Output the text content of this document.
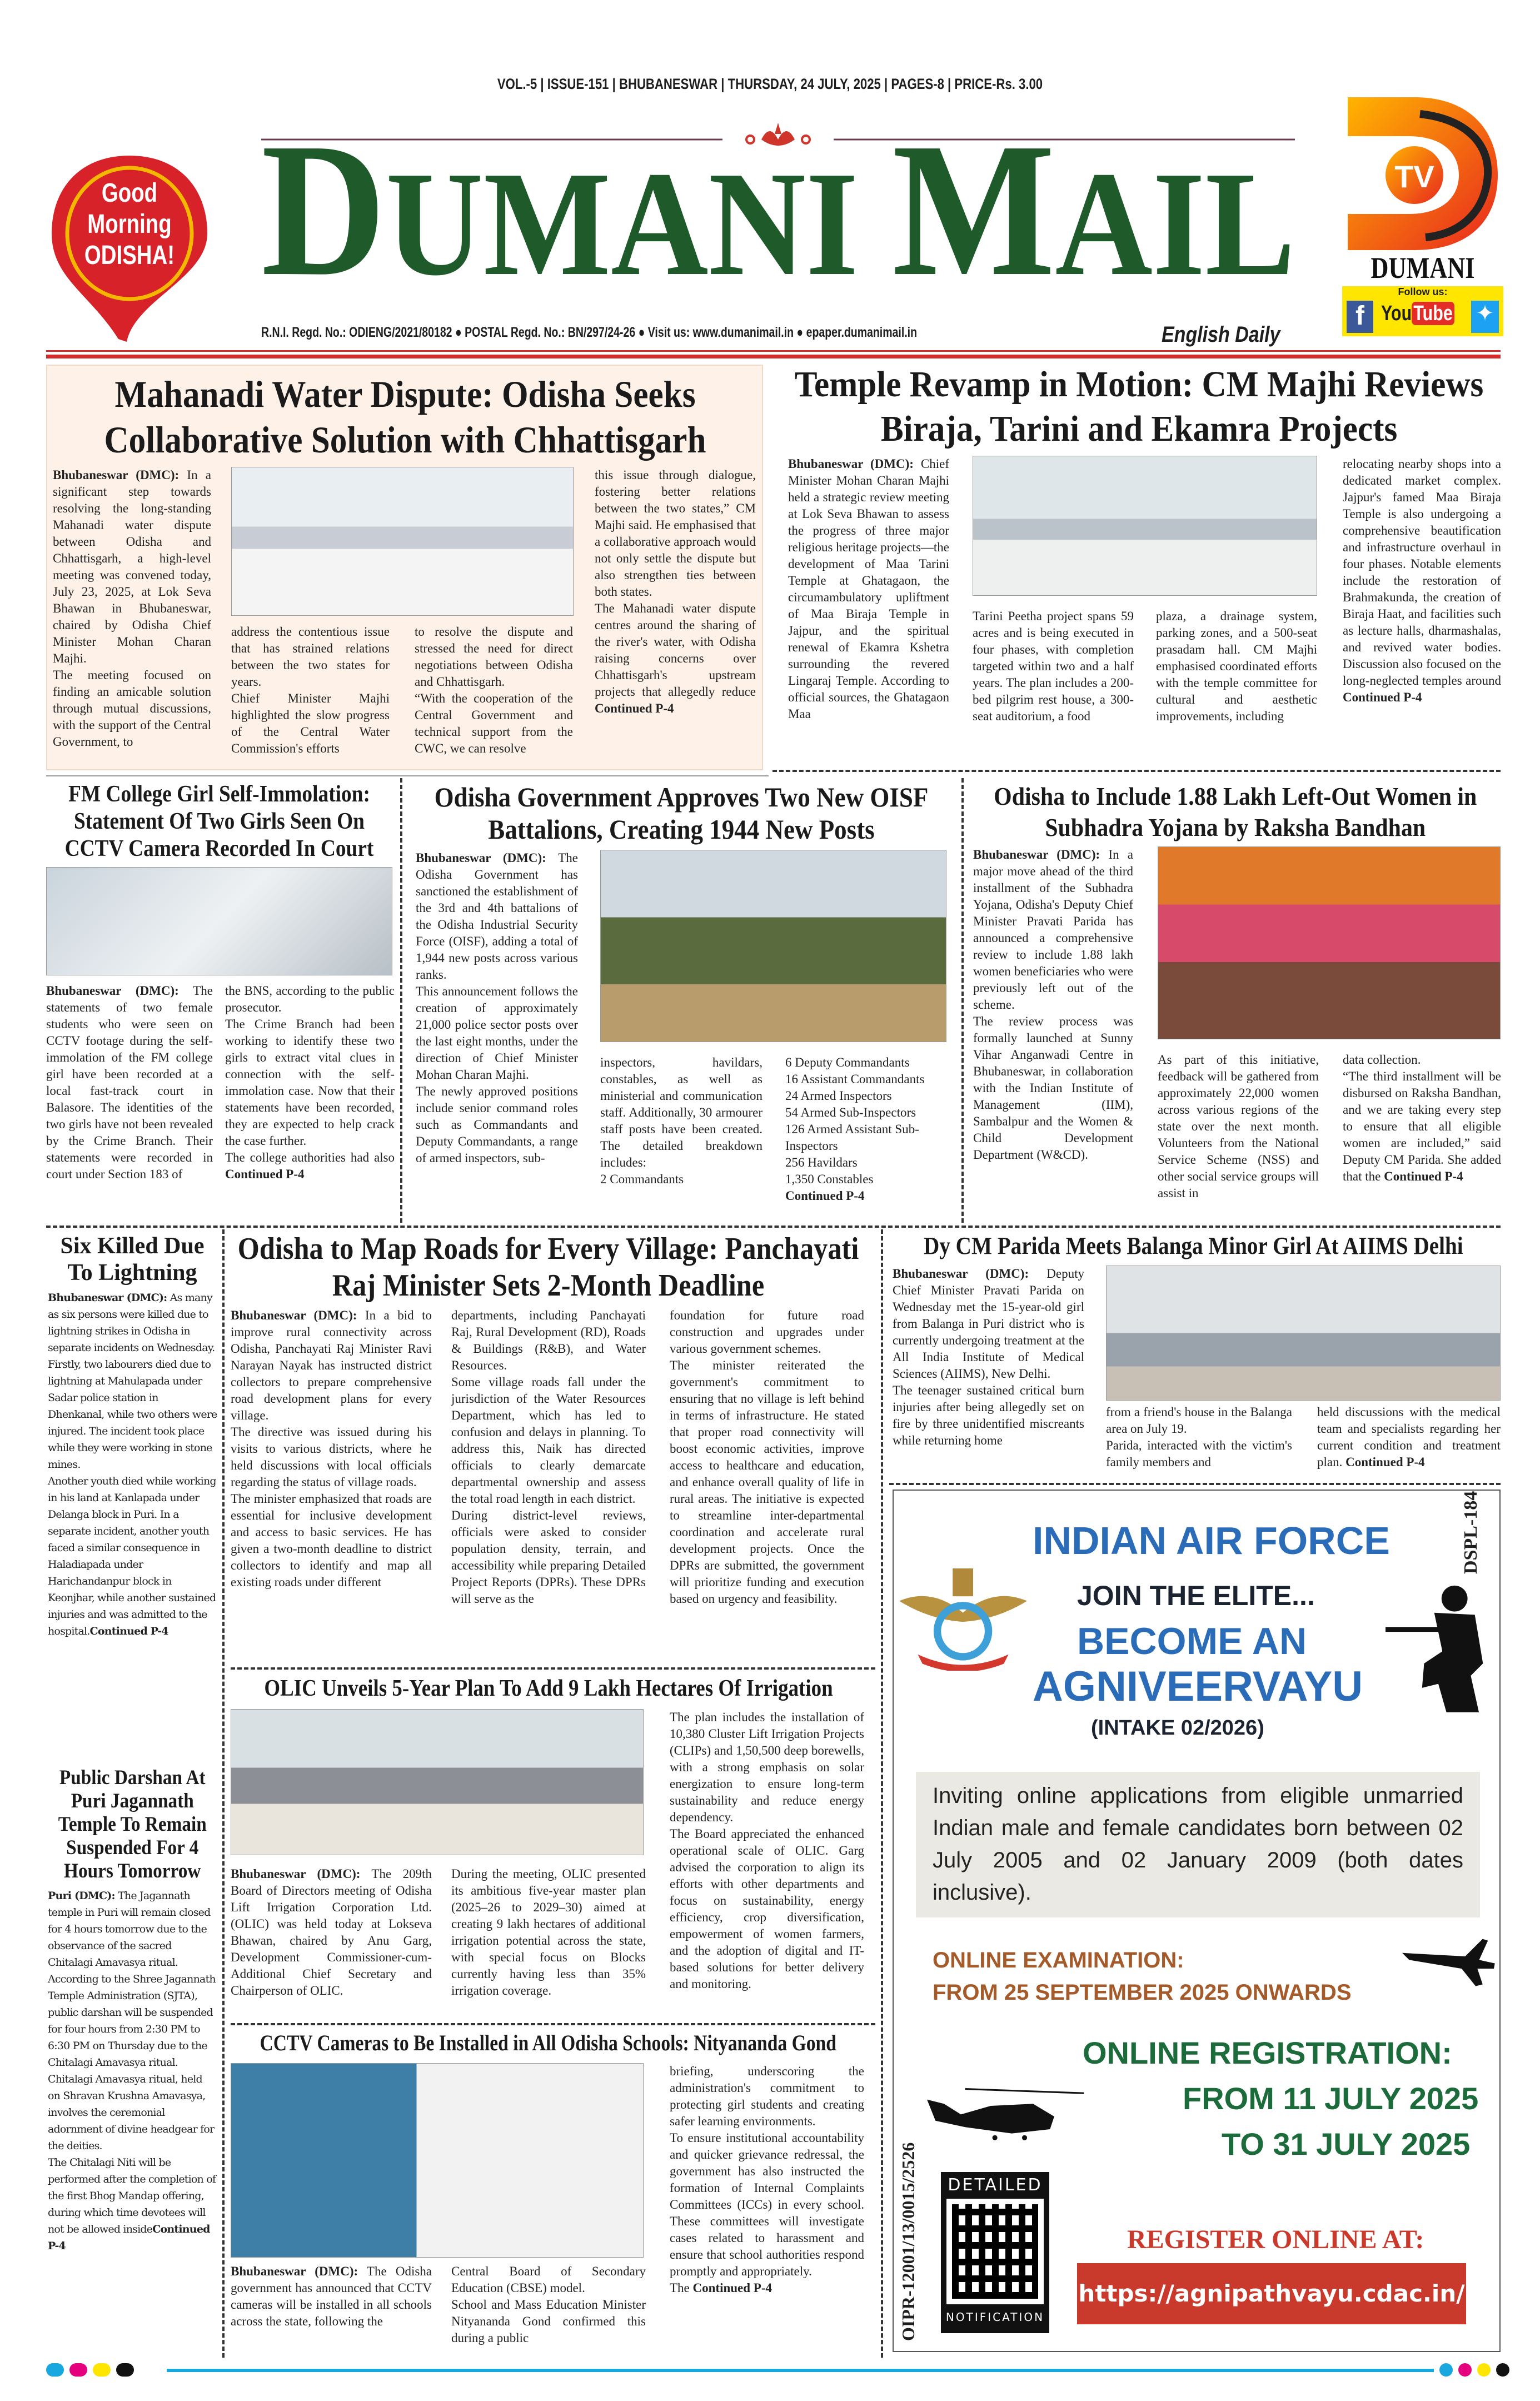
VOL.-5 | ISSUE-151 | BHUBANESWAR | THURSDAY, 24 JULY, 2025 | PAGES-8 | PRICE-Rs. 3.00
DUMANI MAIL
R.N.I. Regd. No.: ODIENG/2021/80182 ● POSTAL Regd. No.: BN/297/24-26 ● Visit us: www.dumanimail.in ● epaper.dumanimail.in	English Daily
Good
Morning
ODISHA!
TV
DUMANI
Follow us:
f YouTube ✦
Mahanadi Water Dispute: Odisha Seeks Collaborative Solution with Chhattisgarh

Bhubaneswar (DMC): In a significant step towards resolving the long-standing Mahanadi water dispute between Odisha and Chhattisgarh, a high-level meeting was convened today, July 23, 2025, at Lok Seva Bhawan in Bhubaneswar, chaired by Odisha Chief Minister Mohan Charan Majhi.

The meeting focused on finding an amicable solution through mutual discussions, with the support of the Central Government, to

address the contentious issue that has strained relations between the two states for years.

Chief Minister Majhi highlighted the slow progress of the Central Water Commission's efforts

to resolve the dispute and stressed the need for direct negotiations between Odisha and Chhattisgarh.

“With the cooperation of the Central Government and technical support from the CWC, we can resolve

this issue through dialogue, fostering better relations between the two states,” CM Majhi said. He emphasised that a collaborative approach would not only settle the dispute but also strengthen ties between both states.

The Mahanadi water dispute centres around the sharing of the river's water, with Odisha raising concerns over Chhattisgarh's upstream projects that allegedly reduce Continued P-4

Temple Revamp in Motion: CM Majhi Reviews Biraja, Tarini and Ekamra Projects

Bhubaneswar (DMC): Chief Minister Mohan Charan Majhi held a strategic review meeting at Lok Seva Bhawan to assess the progress of three major religious heritage projects—the development of Maa Tarini Temple at Ghatagaon, the circumambulatory upliftment of Maa Biraja Temple in Jajpur, and the spiritual renewal of Ekamra Kshetra surrounding the revered Lingaraj Temple. According to official sources, the Ghatagaon Maa

Tarini Peetha project spans 59 acres and is being executed in four phases, with completion targeted within two and a half years. The plan includes a 200-bed pilgrim rest house, a 300-seat auditorium, a food

plaza, a drainage system, parking zones, and a 500-seat prasadam hall. CM Majhi emphasised coordinated efforts with the temple committee for cultural and aesthetic improvements, including

relocating nearby shops into a dedicated market complex. Jajpur's famed Maa Biraja Temple is also undergoing a comprehensive beautification and infrastructure overhaul in four phases. Notable elements include the restoration of Brahmakunda, the creation of Biraja Haat, and facilities such as lecture halls, dharmashalas, and revived water bodies. Discussion also focused on the long-neglected temples around Continued P-4

FM College Girl Self-Immolation: Statement Of Two Girls Seen On CCTV Camera Recorded In Court

Bhubaneswar (DMC): The statements of two female students who were seen on CCTV footage during the self-immolation of the FM college girl have been recorded at a local fast-track court in Balasore. The identities of the two girls have not been revealed by the Crime Branch. Their statements were recorded in court under Section 183 of

the BNS, according to the public prosecutor.

The Crime Branch had been working to identify these two girls to extract vital clues in connection with the self-immolation case. Now that their statements have been recorded, they are expected to help crack the case further.

The college authorities had also Continued P-4

Odisha Government Approves Two New OISF Battalions, Creating 1944 New Posts

Bhubaneswar (DMC): The Odisha Government has sanctioned the establishment of the 3rd and 4th battalions of the Odisha Industrial Security Force (OISF), adding a total of 1,944 new posts across various ranks.

This announcement follows the creation of approximately 21,000 police sector posts over the last eight months, under the direction of Chief Minister Mohan Charan Majhi.

The newly approved positions include senior command roles such as Commandants and Deputy Commandants, a range of armed inspectors, sub-

inspectors, havildars, constables, as well as ministerial and communication staff. Additionally, 30 armourer staff posts have been created. The detailed breakdown includes:

2 Commandants

6 Deputy Commandants

16 Assistant Commandants

24 Armed Inspectors

54 Armed Sub-Inspectors

126 Armed Assistant Sub-Inspectors

256 Havildars

1,350 Constables
Continued P-4

Odisha to Include 1.88 Lakh Left-Out Women in Subhadra Yojana by Raksha Bandhan

Bhubaneswar (DMC): In a major move ahead of the third installment of the Subhadra Yojana, Odisha's Deputy Chief Minister Pravati Parida has announced a comprehensive review to include 1.88 lakh women beneficiaries who were previously left out of the scheme.

The review process was formally launched at Sunny Vihar Anganwadi Centre in Bhubaneswar, in collaboration with the Indian Institute of Management (IIM), Sambalpur and the Women & Child Development Department (W&CD).

As part of this initiative, feedback will be gathered from approximately 22,000 women across various regions of the state over the next month. Volunteers from the National Service Scheme (NSS) and other social service groups will assist in

data collection.

“The third installment will be disbursed on Raksha Bandhan, and we are taking every step to ensure that all eligible women are included,” said Deputy CM Parida. She added that the Continued P-4

Six Killed Due To Lightning

Bhubaneswar (DMC): As many as six persons were killed due to lightning strikes in Odisha in separate incidents on Wednesday.

Firstly, two labourers died due to lightning at Mahulapada under Sadar police station in Dhenkanal, while two others were injured. The incident took place while they were working in stone mines.

Another youth died while working in his land at Kanlapada under Delanga block in Puri. In a separate incident, another youth faced a similar consequence in Haladiapada under Harichandanpur block in Keonjhar, while another sustained injuries and was admitted to the hospital.Continued P-4

Public Darshan At Puri Jagannath Temple To Remain Suspended For 4 Hours Tomorrow

Puri (DMC): The Jagannath temple in Puri will remain closed for 4 hours tomorrow due to the observance of the sacred Chitalagi Amavasya ritual.

According to the Shree Jagannath Temple Administration (SJTA), public darshan will be suspended for four hours from 2:30 PM to 6:30 PM on Thursday due to the Chitalagi Amavasya ritual.

Chitalagi Amavasya ritual, held on Shravan Krushna Amavasya, involves the ceremonial adornment of divine headgear for the deities.

The Chitalagi Niti will be performed after the completion of the first Bhog Mandap offering, during which time devotees will not be allowed insideContinued P-4

Odisha to Map Roads for Every Village: Panchayati Raj Minister Sets 2-Month Deadline

Bhubaneswar (DMC): In a bid to improve rural connectivity across Odisha, Panchayati Raj Minister Ravi Narayan Nayak has instructed district collectors to prepare comprehensive road development plans for every village.

The directive was issued during his visits to various districts, where he held discussions with local officials regarding the status of village roads.

The minister emphasized that roads are essential for inclusive development and access to basic services. He has given a two-month deadline to district collectors to identify and map all existing roads under different

departments, including Panchayati Raj, Rural Development (RD), Roads & Buildings (R&B), and Water Resources.

Some village roads fall under the jurisdiction of the Water Resources Department, which has led to confusion and delays in planning. To address this, Naik has directed officials to clearly demarcate departmental ownership and assess the total road length in each district.

During district-level reviews, officials were asked to consider population density, terrain, and accessibility while preparing Detailed Project Reports (DPRs). These DPRs will serve as the

foundation for future road construction and upgrades under various government schemes.

The minister reiterated the government's commitment to ensuring that no village is left behind in terms of infrastructure. He stated that proper road connectivity will boost economic activities, improve access to healthcare and education, and enhance overall quality of life in rural areas. The initiative is expected to streamline inter-departmental coordination and accelerate rural development projects. Once the DPRs are submitted, the government will prioritize funding and execution based on urgency and feasibility.

OLIC Unveils 5-Year Plan To Add 9 Lakh Hectares Of Irrigation

Bhubaneswar (DMC): The 209th Board of Directors meeting of Odisha Lift Irrigation Corporation Ltd. (OLIC) was held today at Lokseva Bhawan, chaired by Anu Garg, Development Commissioner-cum-Additional Chief Secretary and Chairperson of OLIC.

During the meeting, OLIC presented its ambitious five-year master plan (2025–26 to 2029–30) aimed at creating 9 lakh hectares of additional irrigation potential across the state, with special focus on Blocks currently having less than 35% irrigation coverage.

The plan includes the installation of 10,380 Cluster Lift Irrigation Projects (CLIPs) and 1,50,500 deep borewells, with a strong emphasis on solar energization to ensure long-term sustainability and reduce energy dependency.

The Board appreciated the enhanced operational scale of OLIC. Garg advised the corporation to align its efforts with other departments and focus on sustainability, energy efficiency, crop diversification, empowerment of women farmers, and the adoption of digital and IT-based solutions for better delivery and monitoring.

CCTV Cameras to Be Installed in All Odisha Schools: Nityananda Gond

Bhubaneswar (DMC): The Odisha government has announced that CCTV cameras will be installed in all schools across the state, following the

Central Board of Secondary Education (CBSE) model.

School and Mass Education Minister Nityananda Gond confirmed this during a public

briefing, underscoring the administration's commitment to protecting girl students and creating safer learning environments.

To ensure institutional accountability and quicker grievance redressal, the government has also instructed the formation of Internal Complaints Committees (ICCs) in every school. These committees will investigate cases related to harassment and ensure that school authorities respond promptly and appropriately.

The Continued P-4

Dy CM Parida Meets Balanga Minor Girl At AIIMS Delhi

Bhubaneswar (DMC): Deputy Chief Minister Pravati Parida on Wednesday met the 15-year-old girl from Balanga in Puri district who is currently undergoing treatment at the All India Institute of Medical Sciences (AIIMS), New Delhi.

The teenager sustained critical burn injuries after being allegedly set on fire by three unidentified miscreants while returning home

from a friend's house in the Balanga area on July 19.

Parida, interacted with the victim's family members and

held discussions with the medical team and specialists regarding her current condition and treatment plan. Continued P-4

INDIAN AIR FORCE
JOIN THE ELITE...
BECOME AN
AGNIVEERVAYU
(INTAKE 02/2026)
Inviting online applications from eligible unmarried Indian male and female candidates born between 02 July 2005 and 02 January 2009 (both dates inclusive).
ONLINE EXAMINATION:
FROM 25 SEPTEMBER 2025 ONWARDS
ONLINE REGISTRATION:
FROM 11 JULY 2025
TO 31 JULY 2025
DETAILED
NOTIFICATION
REGISTER ONLINE AT:
https://agnipathvayu.cdac.in/
DSPL-184
OIPR-12001/13/0015/2526
